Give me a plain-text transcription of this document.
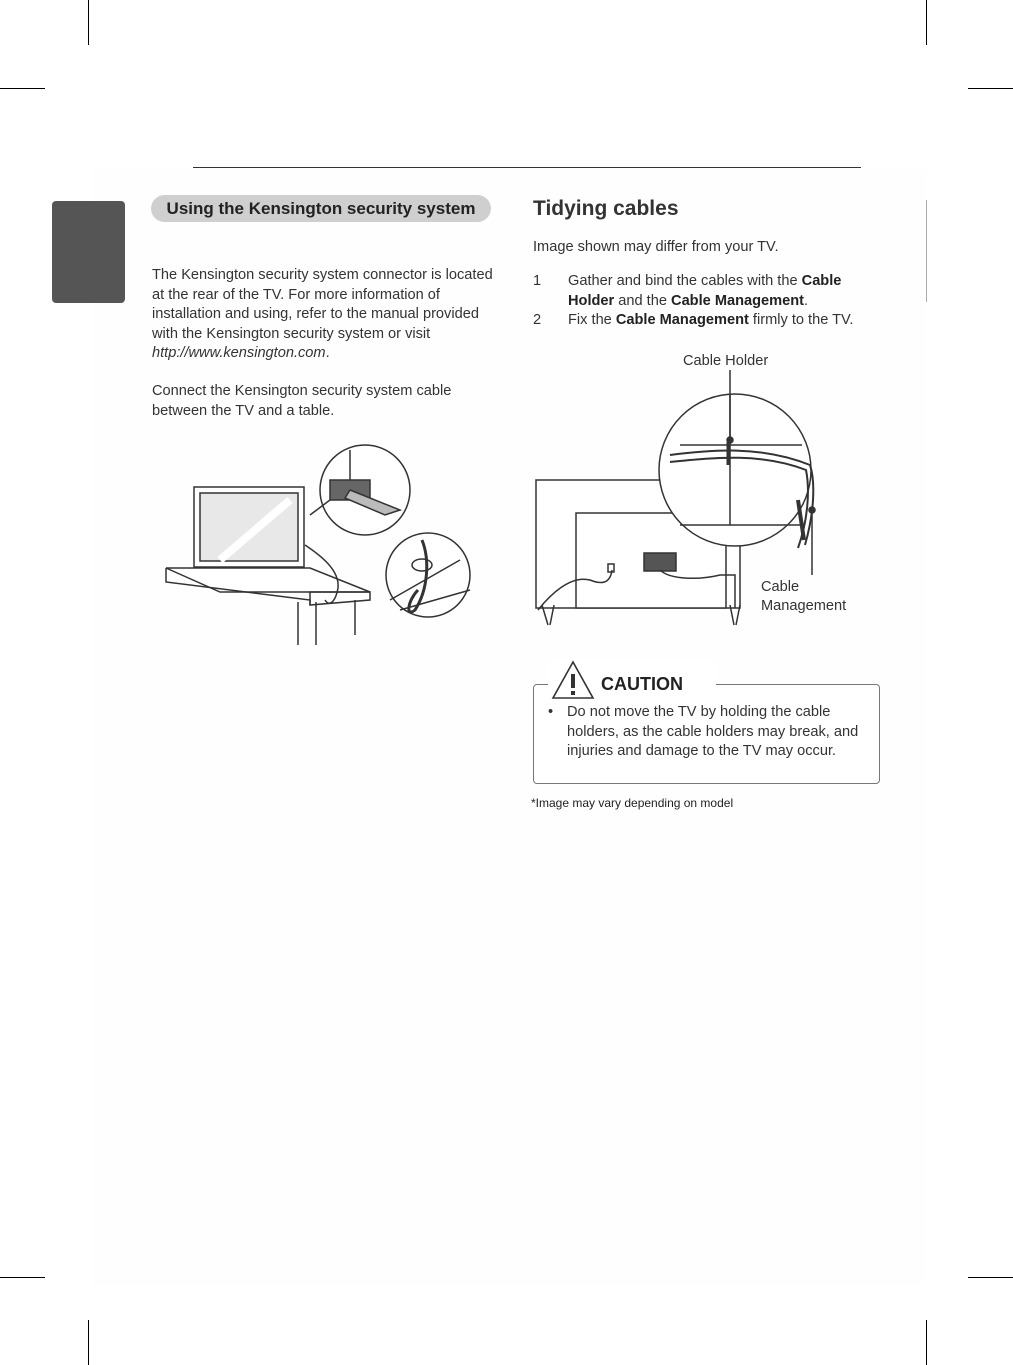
Using the Kensington security system
The Kensington security system connector is located at the rear of the TV. For more information of installation and using, refer to the manual provided with the Kensington security system or visit http://www.kensington.com.
Connect the Kensington security system cable between the TV and a table.
Tidying cables
Image shown may differ from your TV.
1	Gather and bind the cables with the Cable Holder and the Cable Management.
2	Fix the Cable Management firmly to the TV.
Cable Holder
Cable
Management
CAUTION
• Do not move the TV by holding the cable holders, as the cable holders may break, and injuries and damage to the TV may occur.
*Image may vary depending on model
